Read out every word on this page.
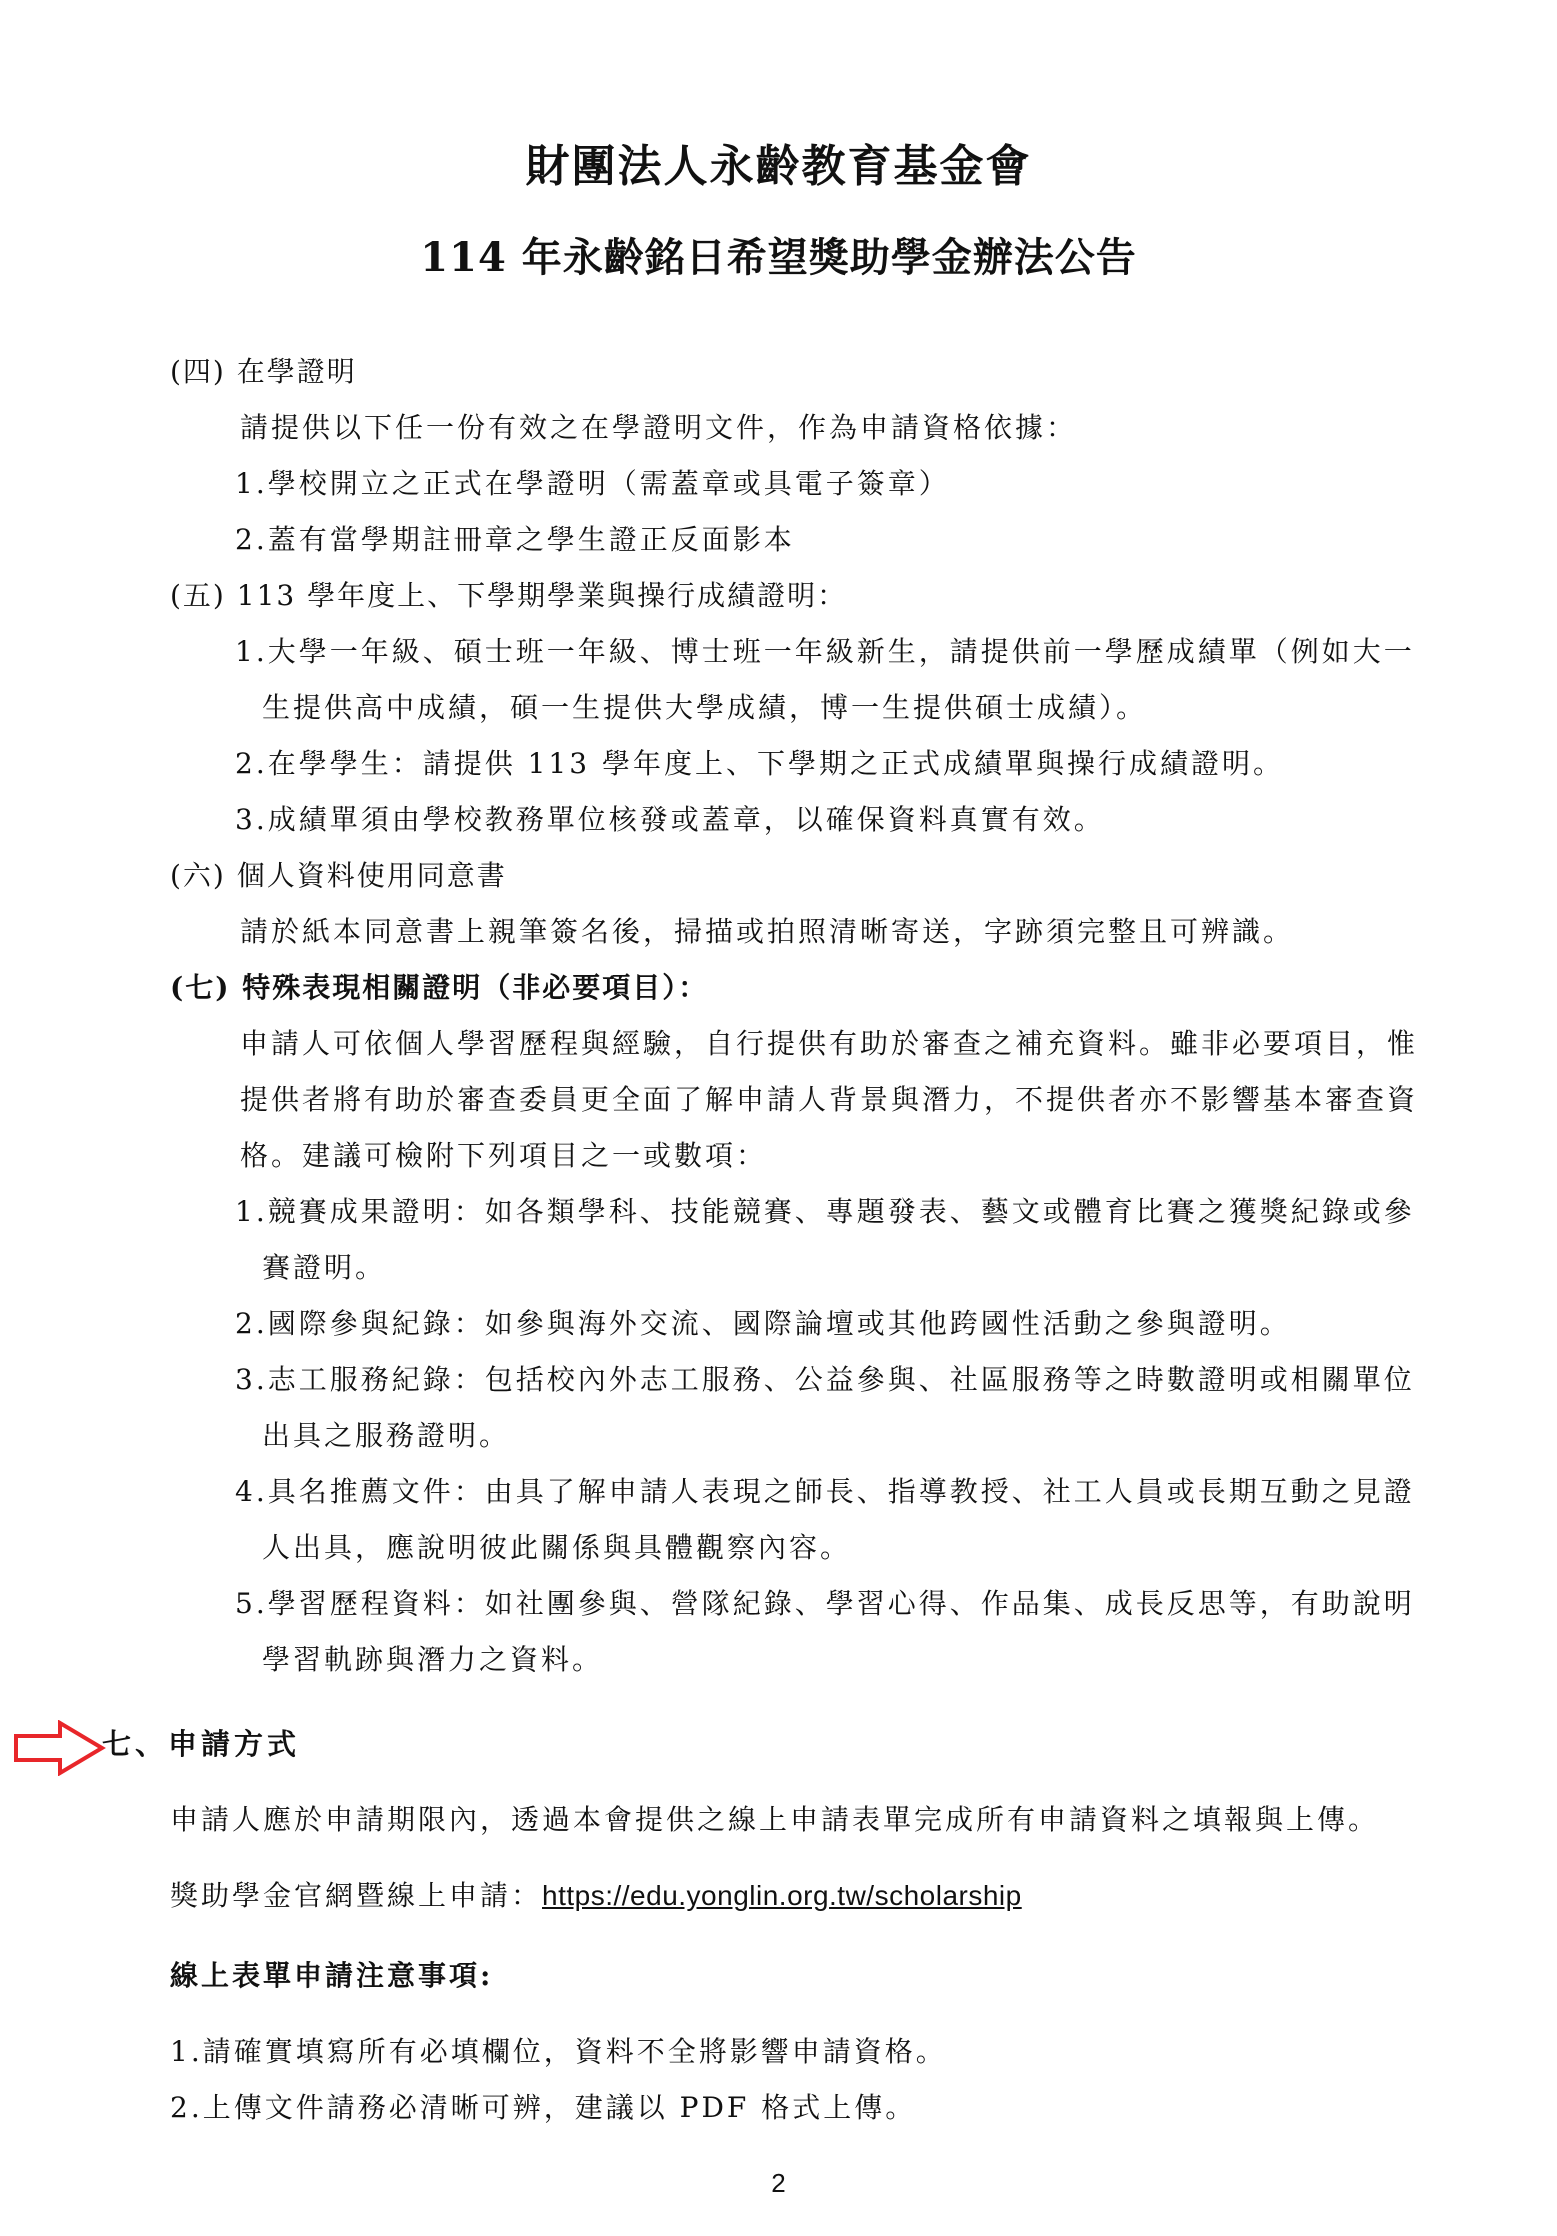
財團法人永齡教育基金會
114 年永齡銘日希望獎助學金辦法公告
(四) 在學證明
請提供以下任一份有效之在學證明文件，作為申請資格依據：
1.學校開立之正式在學證明（需蓋章或具電子簽章）
2.蓋有當學期註冊章之學生證正反面影本
(五) 113 學年度上、下學期學業與操行成績證明：
1.大學一年級、碩士班一年級、博士班一年級新生，請提供前一學歷成績單（例如大一
生提供高中成績，碩一生提供大學成績，博一生提供碩士成績）。
2.在學學生：請提供 113 學年度上、下學期之正式成績單與操行成績證明。
3.成績單須由學校教務單位核發或蓋章，以確保資料真實有效。
(六) 個人資料使用同意書
請於紙本同意書上親筆簽名後，掃描或拍照清晰寄送，字跡須完整且可辨識。
(七) 特殊表現相關證明（非必要項目）：
申請人可依個人學習歷程與經驗，自行提供有助於審查之補充資料。雖非必要項目，惟
提供者將有助於審查委員更全面了解申請人背景與潛力，不提供者亦不影響基本審查資
格。建議可檢附下列項目之一或數項：
1.競賽成果證明：如各類學科、技能競賽、專題發表、藝文或體育比賽之獲獎紀錄或參
賽證明。
2.國際參與紀錄：如參與海外交流、國際論壇或其他跨國性活動之參與證明。
3.志工服務紀錄：包括校內外志工服務、公益參與、社區服務等之時數證明或相關單位
出具之服務證明。
4.具名推薦文件：由具了解申請人表現之師長、指導教授、社工人員或長期互動之見證
人出具，應說明彼此關係與具體觀察內容。
5.學習歷程資料：如社團參與、營隊紀錄、學習心得、作品集、成長反思等，有助說明
學習軌跡與潛力之資料。
七、申請方式
申請人應於申請期限內，透過本會提供之線上申請表單完成所有申請資料之填報與上傳。
獎助學金官網暨線上申請：https://edu.yonglin.org.tw/scholarship
線上表單申請注意事項:
1.請確實填寫所有必填欄位，資料不全將影響申請資格。
2.上傳文件請務必清晰可辨，建議以 PDF 格式上傳。
2
